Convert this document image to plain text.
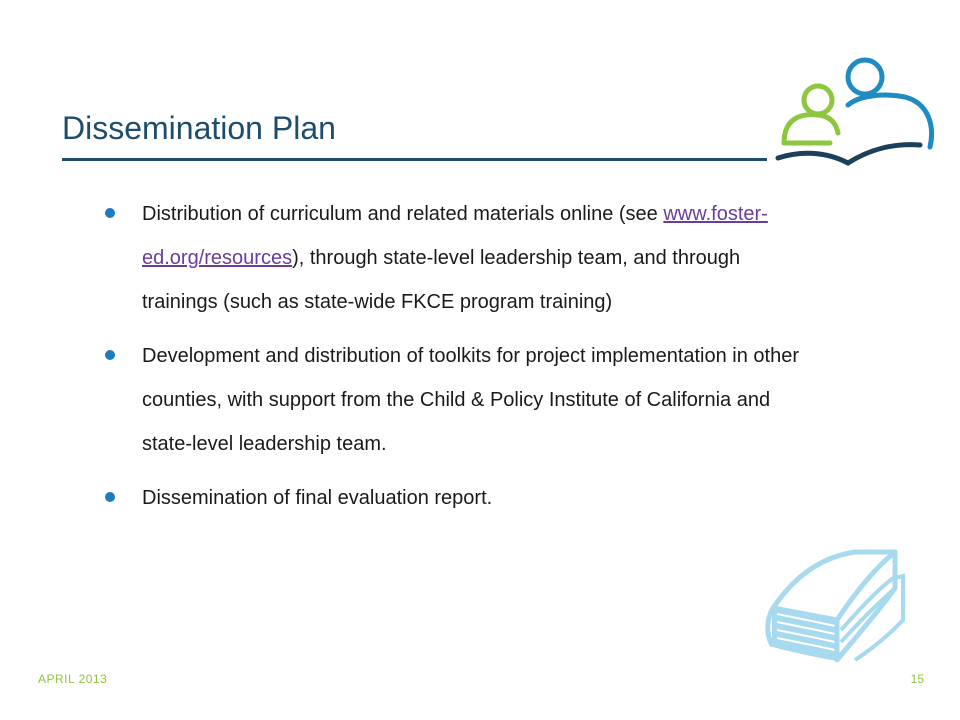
Dissemination Plan
Distribution of curriculum and related materials online (see www.foster-ed.org/resources), through state-level leadership team, and through trainings (such as state-wide FKCE program training)
Development and distribution of toolkits for project implementation in other counties, with support from the Child & Policy Institute of California and state-level leadership team.
Dissemination of final evaluation report.
APRIL 2013	15
